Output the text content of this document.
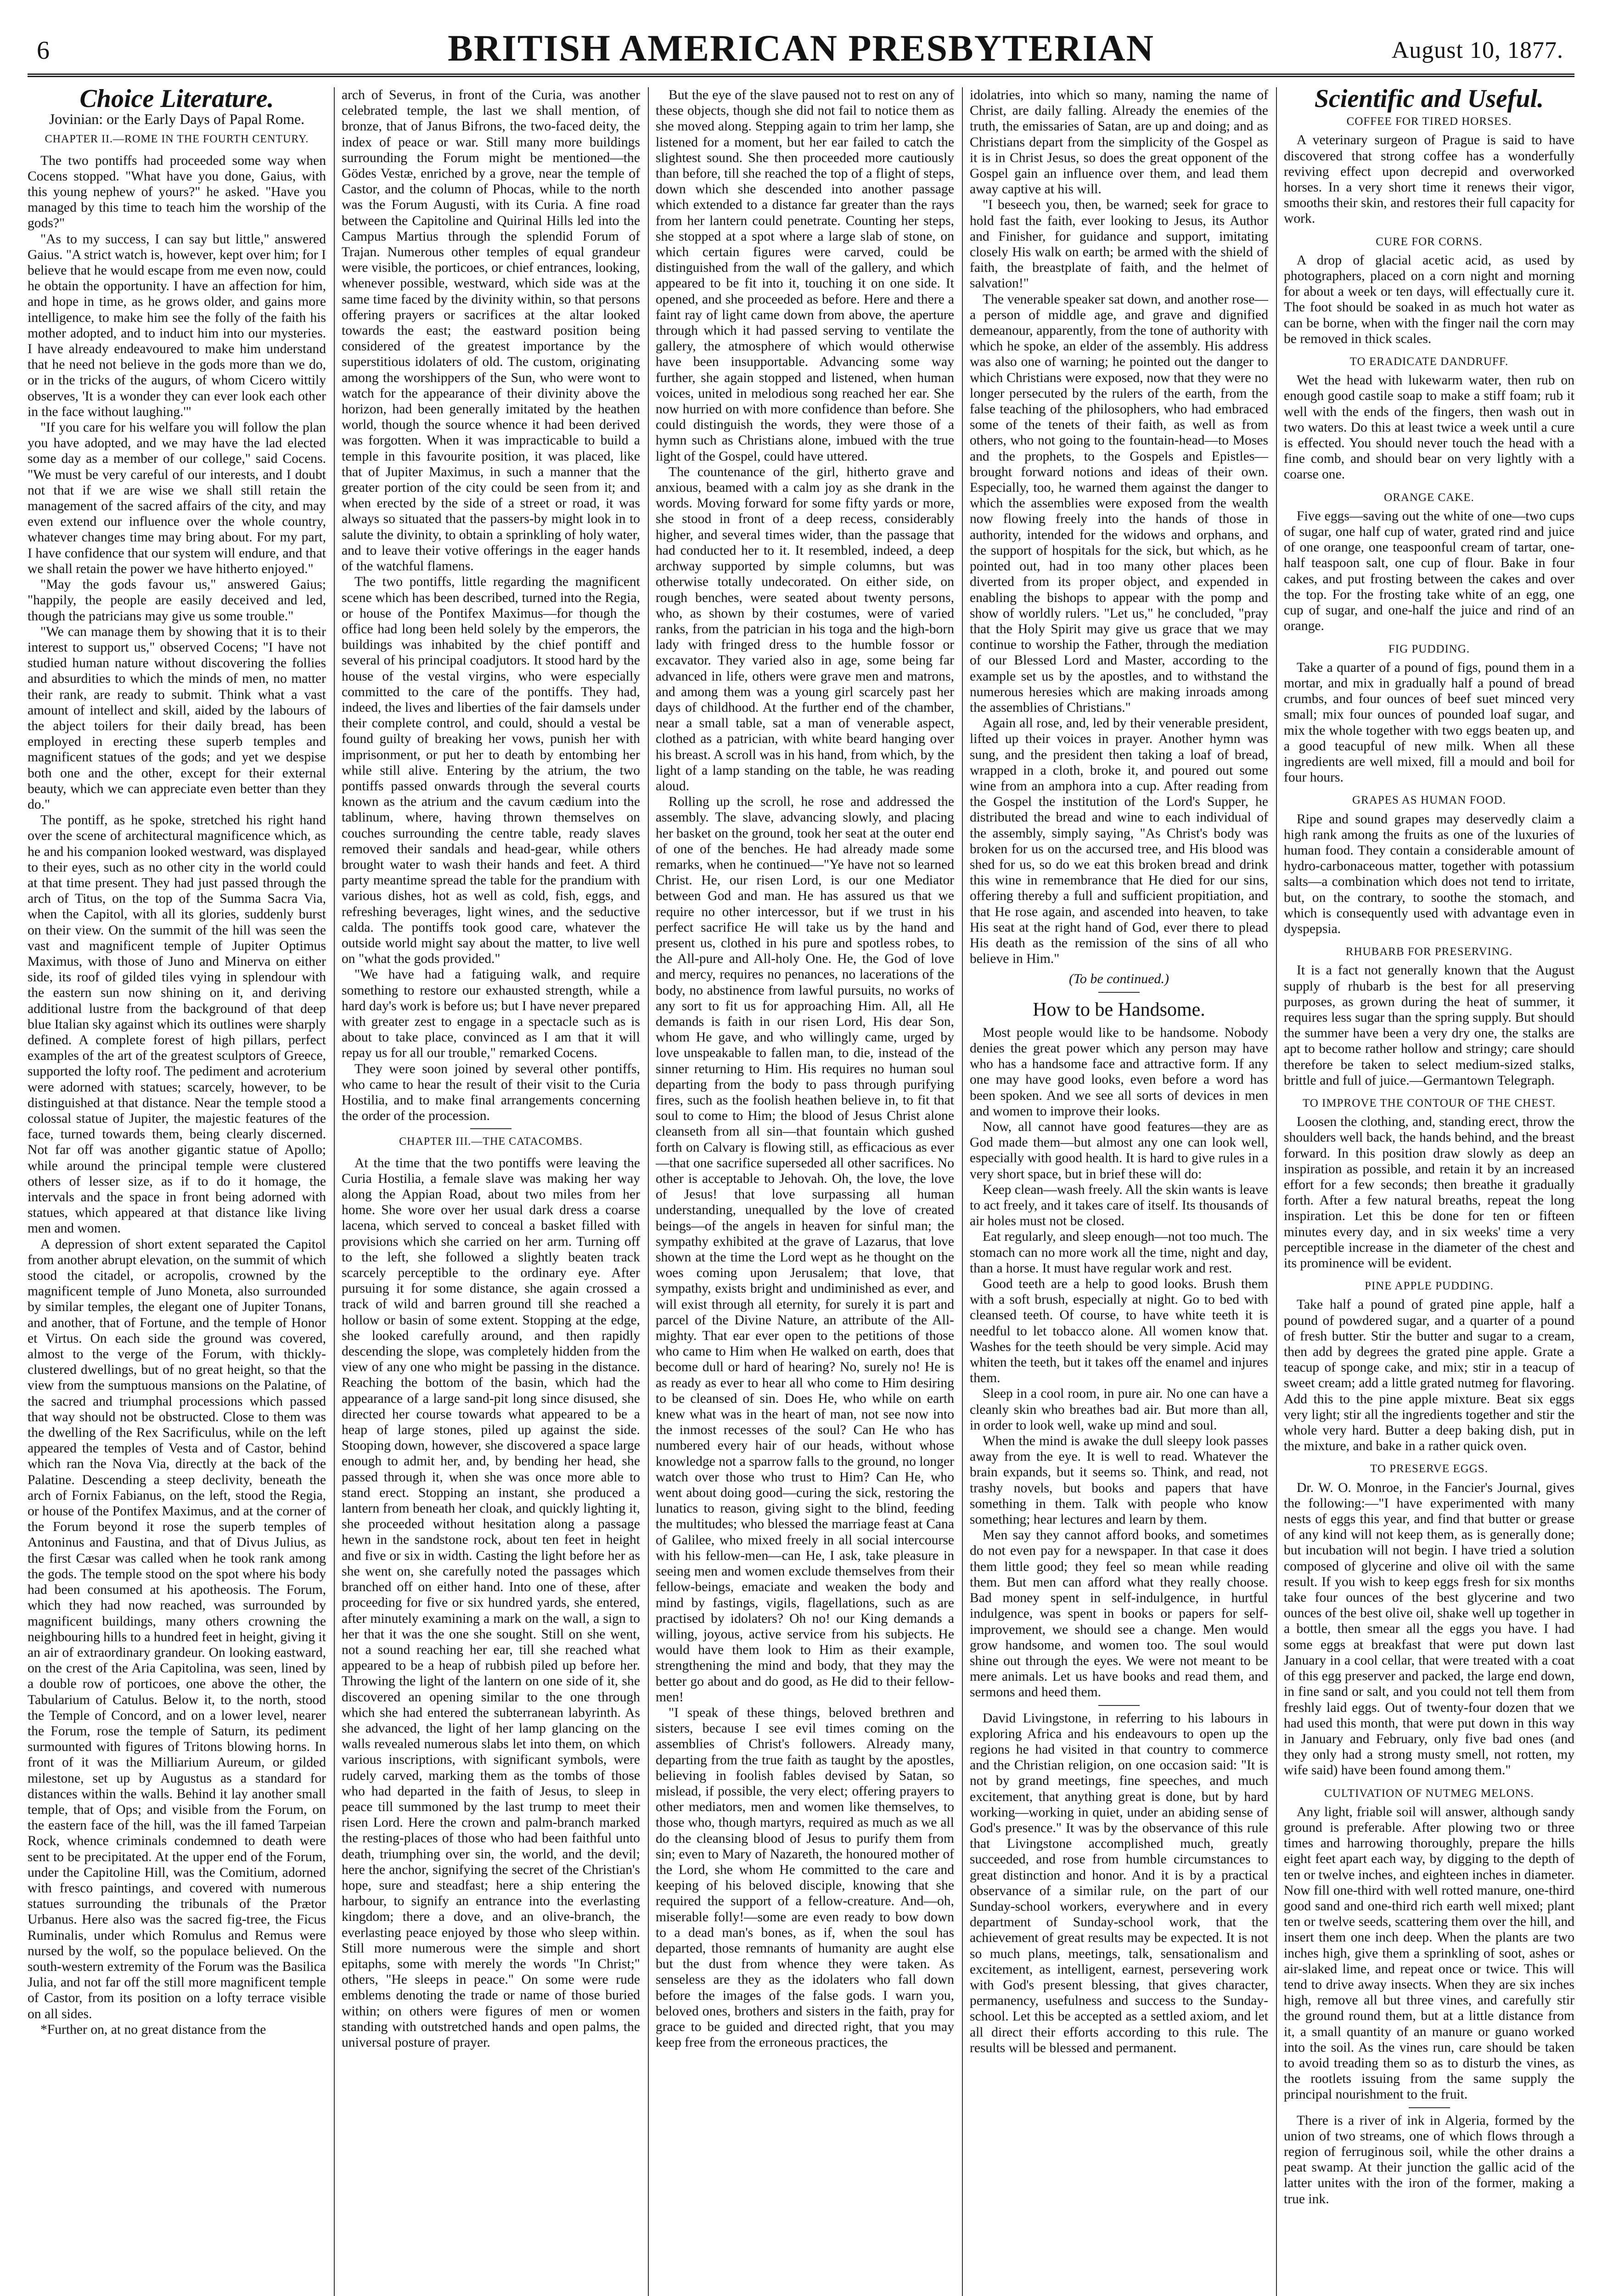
6	BRITISH AMERICAN PRESBYTERIAN	August 10, 1877.
Choice Literature.
Jovinian: or the Early Days of Papal Rome.
CHAPTER II.—ROME IN THE FOURTH CENTURY.

The two pontiffs had proceeded some way when Cocens stopped. "What have you done, Gaius, with this young nephew of yours?" he asked. "Have you managed by this time to teach him the worship of the gods?"

"As to my success, I can say but little," answered Gaius. "A strict watch is, however, kept over him; for I believe that he would escape from me even now, could he obtain the opportunity. I have an affection for him, and hope in time, as he grows older, and gains more intelligence, to make him see the folly of the faith his mother adopted, and to induct him into our mysteries. I have already endeavoured to make him understand that he need not believe in the gods more than we do, or in the tricks of the augurs, of whom Cicero wittily observes, 'It is a wonder they can ever look each other in the face without laughing.'"

"If you care for his welfare you will follow the plan you have adopted, and we may have the lad elected some day as a member of our college," said Cocens. "We must be very careful of our interests, and I doubt not that if we are wise we shall still retain the management of the sacred affairs of the city, and may even extend our influence over the whole country, whatever changes time may bring about. For my part, I have confidence that our system will endure, and that we shall retain the power we have hitherto enjoyed."

"May the gods favour us," answered Gaius; "happily, the people are easily deceived and led, though the patricians may give us some trouble."

"We can manage them by showing that it is to their interest to support us," observed Cocens; "I have not studied human nature without discovering the follies and absurdities to which the minds of men, no matter their rank, are ready to submit. Think what a vast amount of intellect and skill, aided by the labours of the abject toilers for their daily bread, has been employed in erecting these superb temples and magnificent statues of the gods; and yet we despise both one and the other, except for their external beauty, which we can appreciate even better than they do."

The pontiff, as he spoke, stretched his right hand over the scene of architectural magnificence which, as he and his companion looked westward, was displayed to their eyes, such as no other city in the world could at that time present. They had just passed through the arch of Titus, on the top of the Summa Sacra Via, when the Capitol, with all its glories, suddenly burst on their view. On the summit of the hill was seen the vast and magnificent temple of Jupiter Optimus Maximus, with those of Juno and Minerva on either side, its roof of gilded tiles vying in splendour with the eastern sun now shining on it, and deriving additional lustre from the background of that deep blue Italian sky against which its outlines were sharply defined. A complete forest of high pillars, perfect examples of the art of the greatest sculptors of Greece, supported the lofty roof. The pediment and acroterium were adorned with statues; scarcely, however, to be distinguished at that distance. Near the temple stood a colossal statue of Jupiter, the majestic features of the face, turned towards them, being clearly discerned. Not far off was another gigantic statue of Apollo; while around the principal temple were clustered others of lesser size, as if to do it homage, the intervals and the space in front being adorned with statues, which appeared at that distance like living men and women.

A depression of short extent separated the Capitol from another abrupt elevation, on the summit of which stood the citadel, or acropolis, crowned by the magnificent temple of Juno Moneta, also surrounded by similar temples, the elegant one of Jupiter Tonans, and another, that of Fortune, and the temple of Honor et Virtus. On each side the ground was covered, almost to the verge of the Forum, with thickly-clustered dwellings, but of no great height, so that the view from the sumptuous mansions on the Palatine, of the sacred and triumphal processions which passed that way should not be obstructed. Close to them was the dwelling of the Rex Sacrificulus, while on the left appeared the temples of Vesta and of Castor, behind which ran the Nova Via, directly at the back of the Palatine. Descending a steep declivity, beneath the arch of Fornix Fabianus, on the left, stood the Regia, or house of the Pontifex Maximus, and at the corner of the Forum beyond it rose the superb temples of Antoninus and Faustina, and that of Divus Julius, as the first Cæsar was called when he took rank among the gods. The temple stood on the spot where his body had been consumed at his apotheosis. The Forum, which they had now reached, was surrounded by magnificent buildings, many others crowning the neighbouring hills to a hundred feet in height, giving it an air of extraordinary grandeur. On looking eastward, on the crest of the Aria Capitolina, was seen, lined by a double row of porticoes, one above the other, the Tabularium of Catulus. Below it, to the north, stood the Temple of Concord, and on a lower level, nearer the Forum, rose the temple of Saturn, its pediment surmounted with figures of Tritons blowing horns. In front of it was the Milliarium Aureum, or gilded milestone, set up by Augustus as a standard for distances within the walls. Behind it lay another small temple, that of Ops; and visible from the Forum, on the eastern face of the hill, was the ill famed Tarpeian Rock, whence criminals condemned to death were sent to be precipitated. At the upper end of the Forum, under the Capitoline Hill, was the Comitium, adorned with fresco paintings, and covered with numerous statues surrounding the tribunals of the Prætor Urbanus. Here also was the sacred fig-tree, the Ficus Ruminalis, under which Romulus and Remus were nursed by the wolf, so the populace believed. On the south-western extremity of the Forum was the Basilica Julia, and not far off the still more magnificent temple of Castor, from its position on a lofty terrace visible on all sides.

*Further on, at no great distance from the

arch of Severus, in front of the Curia, was another celebrated temple, the last we shall mention, of bronze, that of Janus Bifrons, the two-faced deity, the index of peace or war. Still many more buildings surrounding the Forum might be mentioned—the Gödes Vestæ, enriched by a grove, near the temple of Castor, and the column of Phocas, while to the north was the Forum Augusti, with its Curia. A fine road between the Capitoline and Quirinal Hills led into the Campus Martius through the splendid Forum of Trajan. Numerous other temples of equal grandeur were visible, the porticoes, or chief entrances, looking, whenever possible, westward, which side was at the same time faced by the divinity within, so that persons offering prayers or sacrifices at the altar looked towards the east; the eastward position being considered of the greatest importance by the superstitious idolaters of old. The custom, originating among the worshippers of the Sun, who were wont to watch for the appearance of their divinity above the horizon, had been generally imitated by the heathen world, though the source whence it had been derived was forgotten. When it was impracticable to build a temple in this favourite position, it was placed, like that of Jupiter Maximus, in such a manner that the greater portion of the city could be seen from it; and when erected by the side of a street or road, it was always so situated that the passers-by might look in to salute the divinity, to obtain a sprinkling of holy water, and to leave their votive offerings in the eager hands of the watchful flamens.

The two pontiffs, little regarding the magnificent scene which has been described, turned into the Regia, or house of the Pontifex Maximus—for though the office had long been held solely by the emperors, the buildings was inhabited by the chief pontiff and several of his principal coadjutors. It stood hard by the house of the vestal virgins, who were especially committed to the care of the pontiffs. They had, indeed, the lives and liberties of the fair damsels under their complete control, and could, should a vestal be found guilty of breaking her vows, punish her with imprisonment, or put her to death by entombing her while still alive. Entering by the atrium, the two pontiffs passed onwards through the several courts known as the atrium and the cavum cædium into the tablinum, where, having thrown themselves on couches surrounding the centre table, ready slaves removed their sandals and head-gear, while others brought water to wash their hands and feet. A third party meantime spread the table for the prandium with various dishes, hot as well as cold, fish, eggs, and refreshing beverages, light wines, and the seductive calda. The pontiffs took good care, whatever the outside world might say about the matter, to live well on "what the gods provided."

"We have had a fatiguing walk, and require something to restore our exhausted strength, while a hard day's work is before us; but I have never prepared with greater zest to engage in a spectacle such as is about to take place, convinced as I am that it will repay us for all our trouble," remarked Cocens.

They were soon joined by several other pontiffs, who came to hear the result of their visit to the Curia Hostilia, and to make final arrangements concerning the order of the procession.

CHAPTER III.—THE CATACOMBS.

At the time that the two pontiffs were leaving the Curia Hostilia, a female slave was making her way along the Appian Road, about two miles from her home. She wore over her usual dark dress a coarse lacena, which served to conceal a basket filled with provisions which she carried on her arm. Turning off to the left, she followed a slightly beaten track scarcely perceptible to the ordinary eye. After pursuing it for some distance, she again crossed a track of wild and barren ground till she reached a hollow or basin of some extent. Stopping at the edge, she looked carefully around, and then rapidly descending the slope, was completely hidden from the view of any one who might be passing in the distance. Reaching the bottom of the basin, which had the appearance of a large sand-pit long since disused, she directed her course towards what appeared to be a heap of large stones, piled up against the side. Stooping down, however, she discovered a space large enough to admit her, and, by bending her head, she passed through it, when she was once more able to stand erect. Stopping an instant, she produced a lantern from beneath her cloak, and quickly lighting it, she proceeded without hesitation along a passage hewn in the sandstone rock, about ten feet in height and five or six in width. Casting the light before her as she went on, she carefully noted the passages which branched off on either hand. Into one of these, after proceeding for five or six hundred yards, she entered, after minutely examining a mark on the wall, a sign to her that it was the one she sought. Still on she went, not a sound reaching her ear, till she reached what appeared to be a heap of rubbish piled up before her. Throwing the light of the lantern on one side of it, she discovered an opening similar to the one through which she had entered the subterranean labyrinth. As she advanced, the light of her lamp glancing on the walls revealed numerous slabs let into them, on which various inscriptions, with significant symbols, were rudely carved, marking them as the tombs of those who had departed in the faith of Jesus, to sleep in peace till summoned by the last trump to meet their risen Lord. Here the crown and palm-branch marked the resting-places of those who had been faithful unto death, triumphing over sin, the world, and the devil; here the anchor, signifying the secret of the Christian's hope, sure and steadfast; here a ship entering the harbour, to signify an entrance into the everlasting kingdom; there a dove, and an olive-branch, the everlasting peace enjoyed by those who sleep within. Still more numerous were the simple and short epitaphs, some with merely the words "In Christ;" others, "He sleeps in peace." On some were rude emblems denoting the trade or name of those buried within; on others were figures of men or women standing with outstretched hands and open palms, the universal posture of prayer.

But the eye of the slave paused not to rest on any of these objects, though she did not fail to notice them as she moved along. Stepping again to trim her lamp, she listened for a moment, but her ear failed to catch the slightest sound. She then proceeded more cautiously than before, till she reached the top of a flight of steps, down which she descended into another passage which extended to a distance far greater than the rays from her lantern could penetrate. Counting her steps, she stopped at a spot where a large slab of stone, on which certain figures were carved, could be distinguished from the wall of the gallery, and which appeared to be fit into it, touching it on one side. It opened, and she proceeded as before. Here and there a faint ray of light came down from above, the aperture through which it had passed serving to ventilate the gallery, the atmosphere of which would otherwise have been insupportable. Advancing some way further, she again stopped and listened, when human voices, united in melodious song reached her ear. She now hurried on with more confidence than before. She could distinguish the words, they were those of a hymn such as Christians alone, imbued with the true light of the Gospel, could have uttered.

The countenance of the girl, hitherto grave and anxious, beamed with a calm joy as she drank in the words. Moving forward for some fifty yards or more, she stood in front of a deep recess, considerably higher, and several times wider, than the passage that had conducted her to it. It resembled, indeed, a deep archway supported by simple columns, but was otherwise totally undecorated. On either side, on rough benches, were seated about twenty persons, who, as shown by their costumes, were of varied ranks, from the patrician in his toga and the high-born lady with fringed dress to the humble fossor or excavator. They varied also in age, some being far advanced in life, others were grave men and matrons, and among them was a young girl scarcely past her days of childhood. At the further end of the chamber, near a small table, sat a man of venerable aspect, clothed as a patrician, with white beard hanging over his breast. A scroll was in his hand, from which, by the light of a lamp standing on the table, he was reading aloud.

Rolling up the scroll, he rose and addressed the assembly. The slave, advancing slowly, and placing her basket on the ground, took her seat at the outer end of one of the benches. He had already made some remarks, when he continued—"Ye have not so learned Christ. He, our risen Lord, is our one Mediator between God and man. He has assured us that we require no other intercessor, but if we trust in his perfect sacrifice He will take us by the hand and present us, clothed in his pure and spotless robes, to the All-pure and All-holy One. He, the God of love and mercy, requires no penances, no lacerations of the body, no abstinence from lawful pursuits, no works of any sort to fit us for approaching Him. All, all He demands is faith in our risen Lord, His dear Son, whom He gave, and who willingly came, urged by love unspeakable to fallen man, to die, instead of the sinner returning to Him. His requires no human soul departing from the body to pass through purifying fires, such as the foolish heathen believe in, to fit that soul to come to Him; the blood of Jesus Christ alone cleanseth from all sin—that fountain which gushed forth on Calvary is flowing still, as efficacious as ever—that one sacrifice superseded all other sacrifices. No other is acceptable to Jehovah. Oh, the love, the love of Jesus! that love surpassing all human understanding, unequalled by the love of created beings—of the angels in heaven for sinful man; the sympathy exhibited at the grave of Lazarus, that love shown at the time the Lord wept as he thought on the woes coming upon Jerusalem; that love, that sympathy, exists bright and undiminished as ever, and will exist through all eternity, for surely it is part and parcel of the Divine Nature, an attribute of the All-mighty. That ear ever open to the petitions of those who came to Him when He walked on earth, does that become dull or hard of hearing? No, surely no! He is as ready as ever to hear all who come to Him desiring to be cleansed of sin. Does He, who while on earth knew what was in the heart of man, not see now into the inmost recesses of the soul? Can He who has numbered every hair of our heads, without whose knowledge not a sparrow falls to the ground, no longer watch over those who trust to Him? Can He, who went about doing good—curing the sick, restoring the lunatics to reason, giving sight to the blind, feeding the multitudes; who blessed the marriage feast at Cana of Galilee, who mixed freely in all social intercourse with his fellow-men—can He, I ask, take pleasure in seeing men and women exclude themselves from their fellow-beings, emaciate and weaken the body and mind by fastings, vigils, flagellations, such as are practised by idolaters? Oh no! our King demands a willing, joyous, active service from his subjects. He would have them look to Him as their example, strengthening the mind and body, that they may the better go about and do good, as He did to their fellow-men!

"I speak of these things, beloved brethren and sisters, because I see evil times coming on the assemblies of Christ's followers. Already many, departing from the true faith as taught by the apostles, believing in foolish fables devised by Satan, so mislead, if possible, the very elect; offering prayers to other mediators, men and women like themselves, to those who, though martyrs, required as much as we all do the cleansing blood of Jesus to purify them from sin; even to Mary of Nazareth, the honoured mother of the Lord, she whom He committed to the care and keeping of his beloved disciple, knowing that she required the support of a fellow-creature. And—oh, miserable folly!—some are even ready to bow down to a dead man's bones, as if, when the soul has departed, those remnants of humanity are aught else but the dust from whence they were taken. As senseless are they as the idolaters who fall down before the images of the false gods. I warn you, beloved ones, brothers and sisters in the faith, pray for grace to be guided and directed right, that you may keep free from the erroneous practices, the

idolatries, into which so many, naming the name of Christ, are daily falling. Already the enemies of the truth, the emissaries of Satan, are up and doing; and as Christians depart from the simplicity of the Gospel as it is in Christ Jesus, so does the great opponent of the Gospel gain an influence over them, and lead them away captive at his will.

"I beseech you, then, be warned; seek for grace to hold fast the faith, ever looking to Jesus, its Author and Finisher, for guidance and support, imitating closely His walk on earth; be armed with the shield of faith, the breastplate of faith, and the helmet of salvation!"

The venerable speaker sat down, and another rose—a person of middle age, and grave and dignified demeanour, apparently, from the tone of authority with which he spoke, an elder of the assembly. His address was also one of warning; he pointed out the danger to which Christians were exposed, now that they were no longer persecuted by the rulers of the earth, from the false teaching of the philosophers, who had embraced some of the tenets of their faith, as well as from others, who not going to the fountain-head—to Moses and the prophets, to the Gospels and Epistles—brought forward notions and ideas of their own. Especially, too, he warned them against the danger to which the assemblies were exposed from the wealth now flowing freely into the hands of those in authority, intended for the widows and orphans, and the support of hospitals for the sick, but which, as he pointed out, had in too many other places been diverted from its proper object, and expended in enabling the bishops to appear with the pomp and show of worldly rulers. "Let us," he concluded, "pray that the Holy Spirit may give us grace that we may continue to worship the Father, through the mediation of our Blessed Lord and Master, according to the example set us by the apostles, and to withstand the numerous heresies which are making inroads among the assemblies of Christians."

Again all rose, and, led by their venerable president, lifted up their voices in prayer. Another hymn was sung, and the president then taking a loaf of bread, wrapped in a cloth, broke it, and poured out some wine from an amphora into a cup. After reading from the Gospel the institution of the Lord's Supper, he distributed the bread and wine to each individual of the assembly, simply saying, "As Christ's body was broken for us on the accursed tree, and His blood was shed for us, so do we eat this broken bread and drink this wine in remembrance that He died for our sins, offering thereby a full and sufficient propitiation, and that He rose again, and ascended into heaven, to take His seat at the right hand of God, ever there to plead His death as the remission of the sins of all who believe in Him."

(To be continued.)
How to be Handsome.

Most people would like to be handsome. Nobody denies the great power which any person may have who has a handsome face and attractive form. If any one may have good looks, even before a word has been spoken. And we see all sorts of devices in men and women to improve their looks.

Now, all cannot have good features—they are as God made them—but almost any one can look well, especially with good health. It is hard to give rules in a very short space, but in brief these will do:

Keep clean—wash freely. All the skin wants is leave to act freely, and it takes care of itself. Its thousands of air holes must not be closed.

Eat regularly, and sleep enough—not too much. The stomach can no more work all the time, night and day, than a horse. It must have regular work and rest.

Good teeth are a help to good looks. Brush them with a soft brush, especially at night. Go to bed with cleansed teeth. Of course, to have white teeth it is needful to let tobacco alone. All women know that. Washes for the teeth should be very simple. Acid may whiten the teeth, but it takes off the enamel and injures them.

Sleep in a cool room, in pure air. No one can have a cleanly skin who breathes bad air. But more than all, in order to look well, wake up mind and soul.

When the mind is awake the dull sleepy look passes away from the eye. It is well to read. Whatever the brain expands, but it seems so. Think, and read, not trashy novels, but books and papers that have something in them. Talk with people who know something; hear lectures and learn by them.

Men say they cannot afford books, and sometimes do not even pay for a newspaper. In that case it does them little good; they feel so mean while reading them. But men can afford what they really choose. Bad money spent in self-indulgence, in hurtful indulgence, was spent in books or papers for self-improvement, we should see a change. Men would grow handsome, and women too. The soul would shine out through the eyes. We were not meant to be mere animals. Let us have books and read them, and sermons and heed them.

David Livingstone, in referring to his labours in exploring Africa and his endeavours to open up the regions he had visited in that country to commerce and the Christian religion, on one occasion said: "It is not by grand meetings, fine speeches, and much excitement, that anything great is done, but by hard working—working in quiet, under an abiding sense of God's presence." It was by the observance of this rule that Livingstone accomplished much, greatly succeeded, and rose from humble circumstances to great distinction and honor. And it is by a practical observance of a similar rule, on the part of our Sunday-school workers, everywhere and in every department of Sunday-school work, that the achievement of great results may be expected. It is not so much plans, meetings, talk, sensationalism and excitement, as intelligent, earnest, persevering work with God's present blessing, that gives character, permanency, usefulness and success to the Sunday-school. Let this be accepted as a settled axiom, and let all direct their efforts according to this rule. The results will be blessed and permanent.

Scientific and Useful.
COFFEE FOR TIRED HORSES.

A veterinary surgeon of Prague is said to have discovered that strong coffee has a wonderfully reviving effect upon decrepid and overworked horses. In a very short time it renews their vigor, smooths their skin, and restores their full capacity for work.

CURE FOR CORNS.

A drop of glacial acetic acid, as used by photographers, placed on a corn night and morning for about a week or ten days, will effectually cure it. The foot should be soaked in as much hot water as can be borne, when with the finger nail the corn may be removed in thick scales.

TO ERADICATE DANDRUFF.

Wet the head with lukewarm water, then rub on enough good castile soap to make a stiff foam; rub it well with the ends of the fingers, then wash out in two waters. Do this at least twice a week until a cure is effected. You should never touch the head with a fine comb, and should bear on very lightly with a coarse one.

ORANGE CAKE.

Five eggs—saving out the white of one—two cups of sugar, one half cup of water, grated rind and juice of one orange, one teaspoonful cream of tartar, one-half teaspoon salt, one cup of flour. Bake in four cakes, and put frosting between the cakes and over the top. For the frosting take white of an egg, one cup of sugar, and one-half the juice and rind of an orange.

FIG PUDDING.

Take a quarter of a pound of figs, pound them in a mortar, and mix in gradually half a pound of bread crumbs, and four ounces of beef suet minced very small; mix four ounces of pounded loaf sugar, and mix the whole together with two eggs beaten up, and a good teacupful of new milk. When all these ingredients are well mixed, fill a mould and boil for four hours.

GRAPES AS HUMAN FOOD.

Ripe and sound grapes may deservedly claim a high rank among the fruits as one of the luxuries of human food. They contain a considerable amount of hydro-carbonaceous matter, together with potassium salts—a combination which does not tend to irritate, but, on the contrary, to soothe the stomach, and which is consequently used with advantage even in dyspepsia.

RHUBARB FOR PRESERVING.

It is a fact not generally known that the August supply of rhubarb is the best for all preserving purposes, as grown during the heat of summer, it requires less sugar than the spring supply. But should the summer have been a very dry one, the stalks are apt to become rather hollow and stringy; care should therefore be taken to select medium-sized stalks, brittle and full of juice.—Germantown Telegraph.

TO IMPROVE THE CONTOUR OF THE CHEST.

Loosen the clothing, and, standing erect, throw the shoulders well back, the hands behind, and the breast forward. In this position draw slowly as deep an inspiration as possible, and retain it by an increased effort for a few seconds; then breathe it gradually forth. After a few natural breaths, repeat the long inspiration. Let this be done for ten or fifteen minutes every day, and in six weeks' time a very perceptible increase in the diameter of the chest and its prominence will be evident.

PINE APPLE PUDDING.

Take half a pound of grated pine apple, half a pound of powdered sugar, and a quarter of a pound of fresh butter. Stir the butter and sugar to a cream, then add by degrees the grated pine apple. Grate a teacup of sponge cake, and mix; stir in a teacup of sweet cream; add a little grated nutmeg for flavoring. Add this to the pine apple mixture. Beat six eggs very light; stir all the ingredients together and stir the whole very hard. Butter a deep baking dish, put in the mixture, and bake in a rather quick oven.

TO PRESERVE EGGS.

Dr. W. O. Monroe, in the Fancier's Journal, gives the following:—"I have experimented with many nests of eggs this year, and find that butter or grease of any kind will not keep them, as is generally done; but incubation will not begin. I have tried a solution composed of glycerine and olive oil with the same result. If you wish to keep eggs fresh for six months take four ounces of the best glycerine and two ounces of the best olive oil, shake well up together in a bottle, then smear all the eggs you have. I had some eggs at breakfast that were put down last January in a cool cellar, that were treated with a coat of this egg preserver and packed, the large end down, in fine sand or salt, and you could not tell them from freshly laid eggs. Out of twenty-four dozen that we had used this month, that were put down in this way in January and February, only five bad ones (and they only had a strong musty smell, not rotten, my wife said) have been found among them."

CULTIVATION OF NUTMEG MELONS.

Any light, friable soil will answer, although sandy ground is preferable. After plowing two or three times and harrowing thoroughly, prepare the hills eight feet apart each way, by digging to the depth of ten or twelve inches, and eighteen inches in diameter. Now fill one-third with well rotted manure, one-third good sand and one-third rich earth well mixed; plant ten or twelve seeds, scattering them over the hill, and insert them one inch deep. When the plants are two inches high, give them a sprinkling of soot, ashes or air-slaked lime, and repeat once or twice. This will tend to drive away insects. When they are six inches high, remove all but three vines, and carefully stir the ground round them, but at a little distance from it, a small quantity of an manure or guano worked into the soil. As the vines run, care should be taken to avoid treading them so as to disturb the vines, as the rootlets issuing from the same supply the principal nourishment to the fruit.

There is a river of ink in Algeria, formed by the union of two streams, one of which flows through a region of ferruginous soil, while the other drains a peat swamp. At their junction the gallic acid of the latter unites with the iron of the former, making a true ink.
